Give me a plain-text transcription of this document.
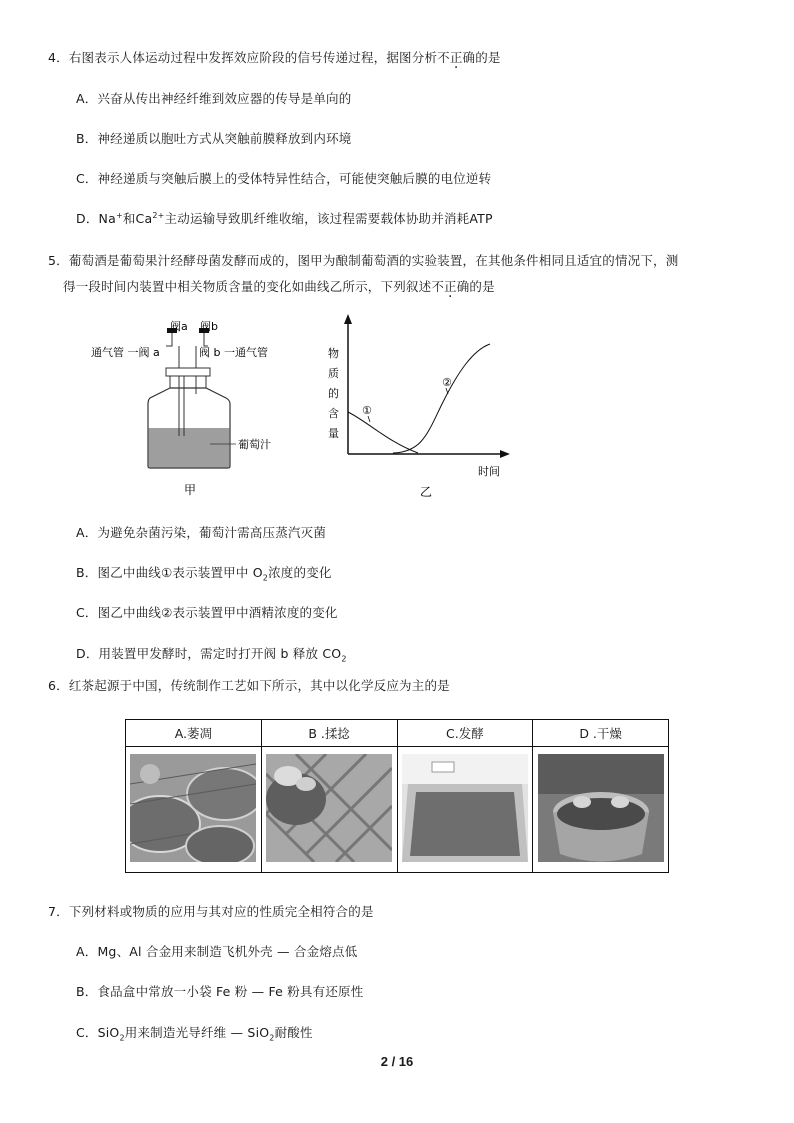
4．右图表示人体运动过程中发挥效应阶段的信号传递过程，据图分析不正确的是
A．兴奋从传出神经纤维到效应器的传导是单向的
B．神经递质以胞吐方式从突触前膜释放到内环境
C．神经递质与突触后膜上的受体特异性结合，可能使突触后膜的电位逆转
D．Na+和$Ca^{2+}$主动运输导致肌纤维收缩，该过程需要载体协助并消耗ATP
5．葡萄酒是葡萄果汁经酵母菌发酵而成的，图甲为酿制葡萄酒的实验装置，在其他条件相同且适宜的情况下，测
得一段时间内装置中相关物质含量的变化如曲线乙所示，下列叙述不正确的是
阀a 阀b
通气管 一阀 a	阀 b 一通气管
葡萄汁
甲
物
质
的
含
量
时间
①
②
乙
A．为避免杂菌污染，葡萄汁需高压蒸汽灭菌
B．图乙中曲线①表示装置甲中 $O_2$浓度的变化
C．图乙中曲线②表示装置甲中酒精浓度的变化
D．用装置甲发酵时，需定时打开阀 b 释放 $CO_2$
6．红茶起源于中国，传统制作工艺如下所示，其中以化学反应为主的是
A.萎凋	B .揉捻	C.发酵	D .干燥

7．下列材料或物质的应用与其对应的性质完全相符合的是
A．Mg、Al 合金用来制造飞机外壳 — 合金熔点低
B．食品盒中常放一小袋 Fe 粉 — Fe 粉具有还原性
C．SiO$_2$用来制造光导纤维 — SiO$_2$耐酸性
2 / 16
